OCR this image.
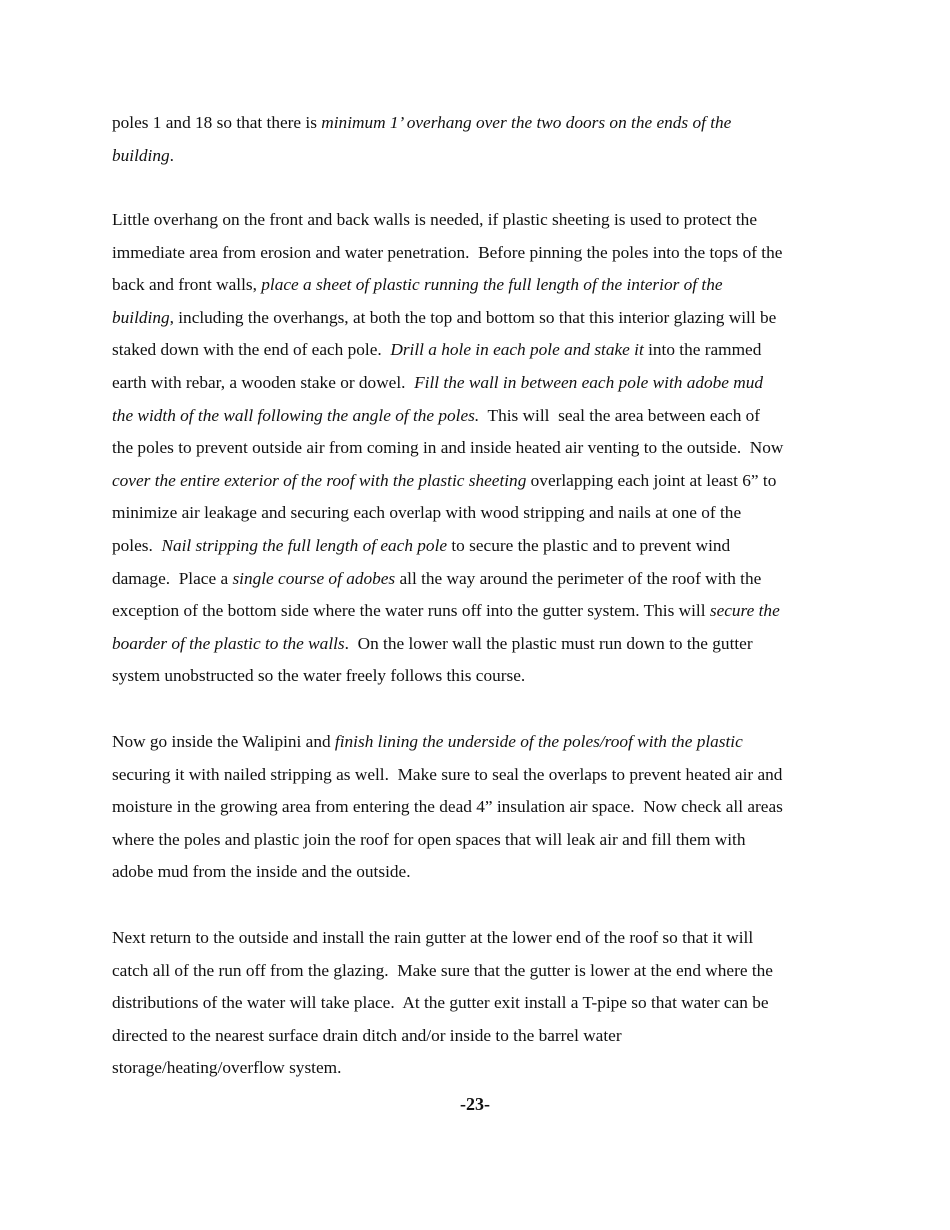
poles 1 and 18 so that there is minimum 1’ overhang over the two doors on the ends of the
building.
Little overhang on the front and back walls is needed, if plastic sheeting is used to protect the
immediate area from erosion and water penetration.  Before pinning the poles into the tops of the
back and front walls, place a sheet of plastic running the full length of the interior of the
building, including the overhangs, at both the top and bottom so that this interior glazing will be
staked down with the end of each pole.  Drill a hole in each pole and stake it into the rammed
earth with rebar, a wooden stake or dowel.  Fill the wall in between each pole with adobe mud
the width of the wall following the angle of the poles.  This will  seal the area between each of
the poles to prevent outside air from coming in and inside heated air venting to the outside.  Now
cover the entire exterior of the roof with the plastic sheeting overlapping each joint at least 6” to
minimize air leakage and securing each overlap with wood stripping and nails at one of the
poles.  Nail stripping the full length of each pole to secure the plastic and to prevent wind
damage.  Place a single course of adobes all the way around the perimeter of the roof with the
exception of the bottom side where the water runs off into the gutter system. This will secure the
boarder of the plastic to the walls.  On the lower wall the plastic must run down to the gutter
system unobstructed so the water freely follows this course.
Now go inside the Walipini and finish lining the underside of the poles/roof with the plastic
securing it with nailed stripping as well.  Make sure to seal the overlaps to prevent heated air and
moisture in the growing area from entering the dead 4” insulation air space.  Now check all areas
where the poles and plastic join the roof for open spaces that will leak air and fill them with
adobe mud from the inside and the outside.
Next return to the outside and install the rain gutter at the lower end of the roof so that it will
catch all of the run off from the glazing.  Make sure that the gutter is lower at the end where the
distributions of the water will take place.  At the gutter exit install a T-pipe so that water can be
directed to the nearest surface drain ditch and/or inside to the barrel water
storage/heating/overflow system.
-23-
